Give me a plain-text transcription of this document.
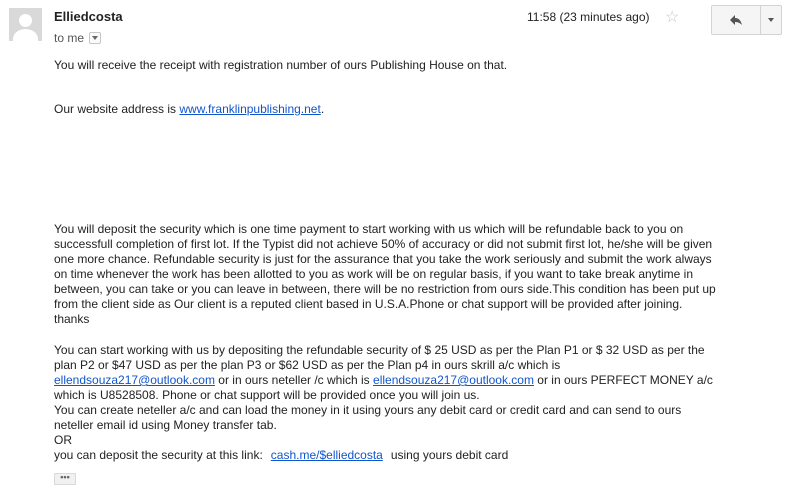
Elliedcosta
to me
11:58 (23 minutes ago) ☆

You will receive the receipt with registration number of ours Publishing House on that.

Our website address is www.franklinpublishing.net.

You will deposit the security which is one time payment to start working with us which will be refundable back to you on

successfull completion of first lot. If the Typist did not achieve 50% of accuracy or did not submit first lot, he/she will be given

one more chance. Refundable security is just for the assurance that you take the work seriously and submit the work always

on time whenever the work has been allotted to you as work will be on regular basis, if you want to take break anytime in

between, you can take or you can leave in between, there will be no restriction from ours side.This condition has been put up

from the client side as Our client is a reputed client based in U.S.A.Phone or chat support will be provided after joining.

thanks

You can start working with us by depositing the refundable security of $ 25 USD as per the Plan P1 or $ 32 USD as per the

plan P2 or $47 USD as per the plan P3 or $62 USD as per the Plan p4 in ours skrill a/c which is

ellendsouza217@outlook.com or in ours neteller /c which is ellendsouza217@outlook.com or in ours PERFECT MONEY a/c

which is U8528508. Phone or chat support will be provided once you will join us.

You can create neteller a/c and can load the money in it using yours any debit card or credit card and can send to ours

neteller email id using Money transfer tab.

OR

you can deposit the security at this link: cash.me/$elliedcosta using yours debit card

•••
